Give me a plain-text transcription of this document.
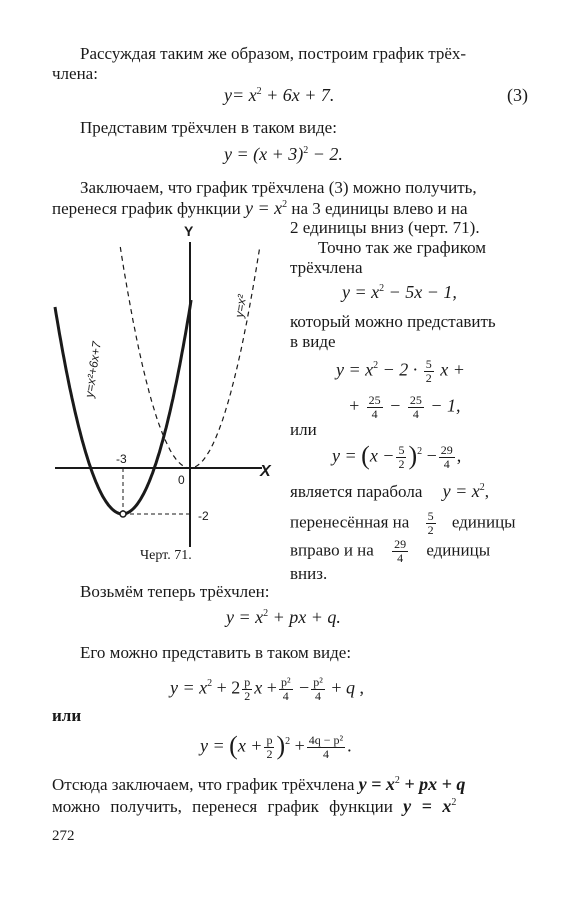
Рассуждая таким же образом, построим график трёх-
члена:
$y= x^2 + 6x + 7$.	(3)
Представим трёхчлен в таком виде:
$y = (x + 3)^2 - 2$.
Заключаем, что график трёхчлена (3) можно получить,
перенеся график функции $y = x^2$ на 3 единицы влево и на
2 единицы вниз (черт. 71).
Точно так же графиком
трёхчлена
$y = x^2 - 5x - 1$,
который можно представить
в виде
$y = x^2 - 2 \cdot \frac{5}{2}$ x +
+ $\frac{25}{4} - \frac{25}{4} - 1$,
или
$y = (x - \frac{5}{2} )^2 - \frac{29}{4}$ ,
является парабола $y = x^2$,
перенесённая на $\frac{5}{2}$ единицы
вправо и на $\frac{29}{4}$ единицы
вниз.
Y
X
0
-3
-2
y=x²+6x+7
y=x²
Черт. 71.
Возьмём теперь трёхчлен:
$y = x^2$ + px + q.
Его можно представить в таком виде:
$y = x^2 + 2 \frac{p}{2}$ $x + \frac{\text{p²}}{4} - \frac{\text{p²}}{4} + q$ ,
или
$y = (x + \frac{p}{2} )^2 + \frac{\text{4q − p²}}{4}$ .
Отсюда заключаем, что график трёхчлена $y = x^2$ + px + q
можно получить, перенеся график функции $y = x^2$
272
